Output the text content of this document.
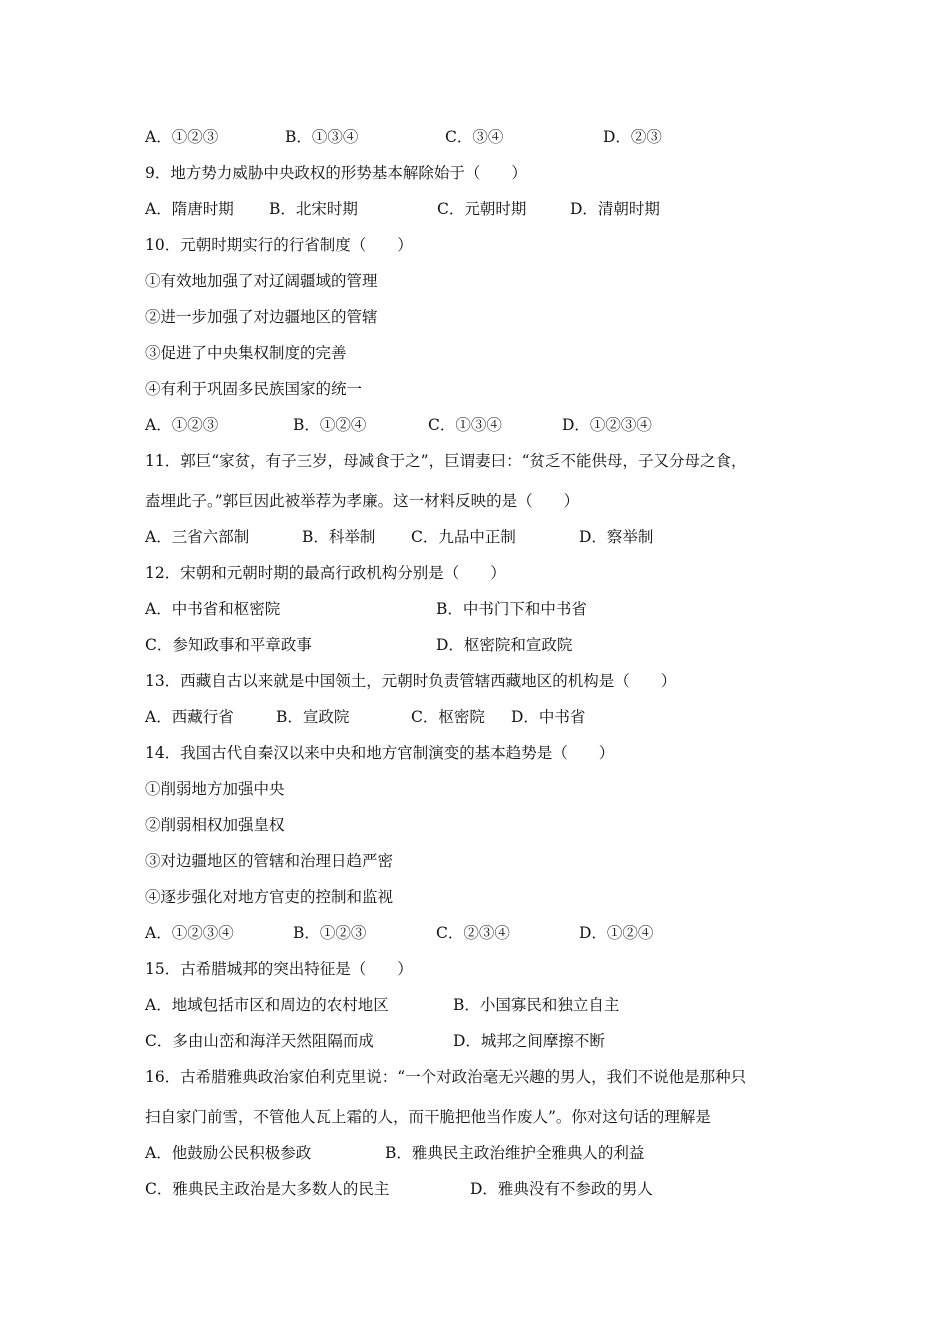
A．①②③	B．①③④	C．③④	D．②③
9．地方势力威胁中央政权的形势基本解除始于（　　）
A．隋唐时期 B．北宋时期	C．元朝时期	D．清朝时期
10．元朝时期实行的行省制度（　　）
①有效地加强了对辽阔疆域的管理
②进一步加强了对边疆地区的管辖
③促进了中央集权制度的完善
④有利于巩固多民族国家的统一
A．①②③	B．①②④	C．①③④	D．①②③④
11．郭巨“家贫，有子三岁，母减食于之”，巨谓妻曰：“贫乏不能供母，子又分母之食，
盍埋此子。”郭巨因此被举荐为孝廉。这一材料反映的是（　　）
A．三省六部制	B．科举制 C．九品中正制	D．察举制
12．宋朝和元朝时期的最高行政机构分别是（　　）
A．中书省和枢密院	B．中书门下和中书省
C．参知政事和平章政事	D．枢密院和宣政院
13．西藏自古以来就是中国领土，元朝时负责管辖西藏地区的机构是（　　）
A．西藏行省	B．宣政院	C．枢密院 D．中书省
14．我国古代自秦汉以来中央和地方官制演变的基本趋势是（　　）
①削弱地方加强中央
②削弱相权加强皇权
③对边疆地区的管辖和治理日趋严密
④逐步强化对地方官吏的控制和监视
A．①②③④	B．①②③	C．②③④	D．①②④
15．古希腊城邦的突出特征是（　　）
A．地域包括市区和周边的农村地区	B．小国寡民和独立自主
C．多由山峦和海洋天然阻隔而成	D．城邦之间摩擦不断
16．古希腊雅典政治家伯利克里说：“一个对政治毫无兴趣的男人，我们不说他是那种只
扫自家门前雪，不管他人瓦上霜的人，而干脆把他当作废人”。你对这句话的理解是
A．他鼓励公民积极参政	B．雅典民主政治维护全雅典人的利益
C．雅典民主政治是大多数人的民主	D．雅典没有不参政的男人
